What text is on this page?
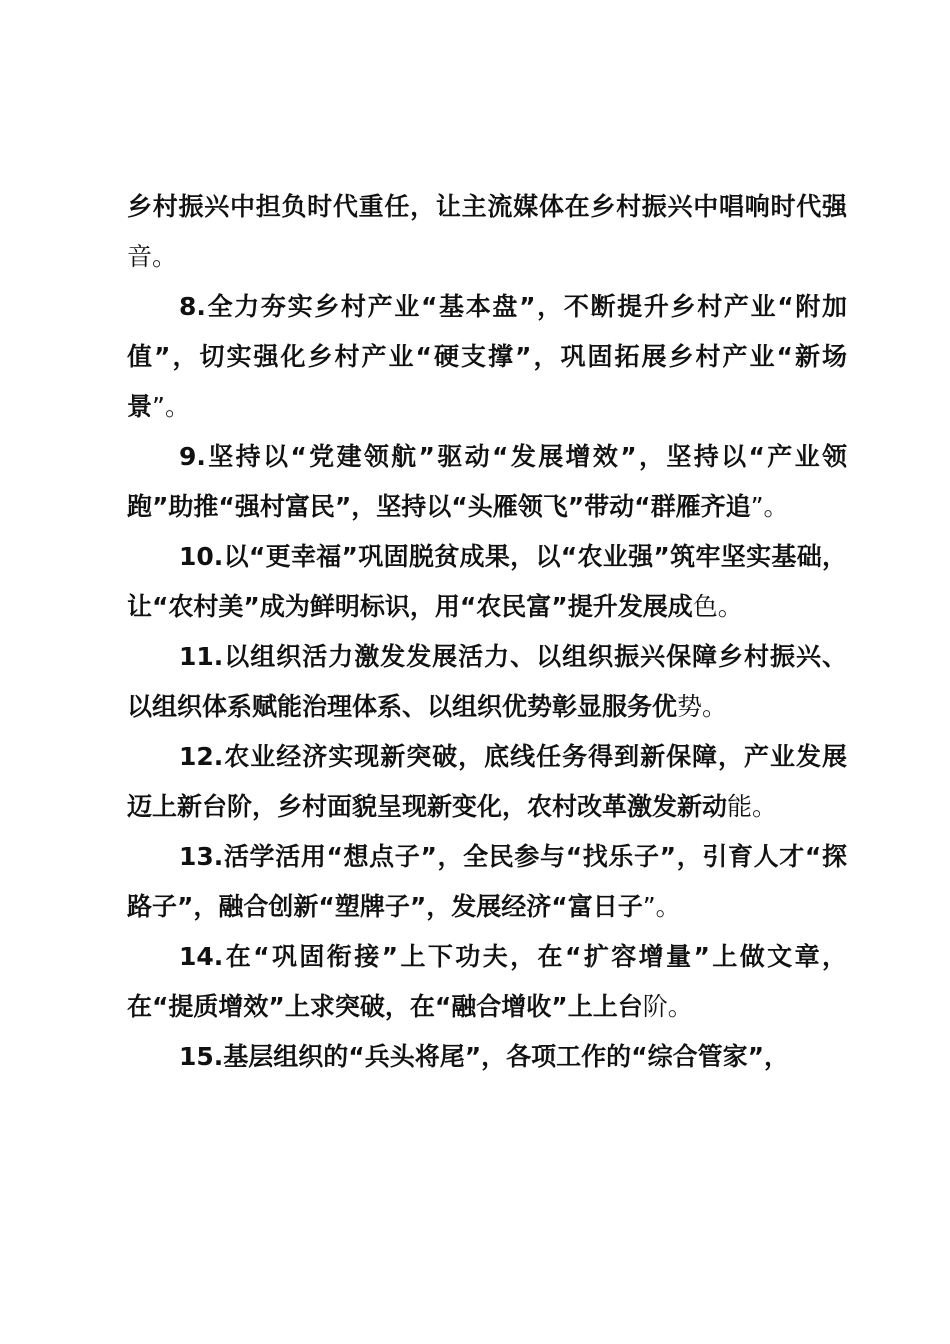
乡村振兴中担负时代重任，让主流媒体在乡村振兴中唱响时代强音。

8.全力夯实乡村产业“基本盘”，不断提升乡村产业“附加值”，切实强化乡村产业“硬支撑”，巩固拓展乡村产业“新场景”。

9.坚持以“党建领航”驱动“发展增效”，坚持以“产业领跑”助推“强村富民”，坚持以“头雁领飞”带动“群雁齐追”。

10.以“更幸福”巩固脱贫成果，以“农业强”筑牢坚实基础，让“农村美”成为鲜明标识，用“农民富”提升发展成色。

11.以组织活力激发发展活力、以组织振兴保障乡村振兴、以组织体系赋能治理体系、以组织优势彰显服务优势。

12.农业经济实现新突破，底线任务得到新保障，产业发展迈上新台阶，乡村面貌呈现新变化，农村改革激发新动能。

13.活学活用“想点子”，全民参与“找乐子”，引育人才“探路子”，融合创新“塑牌子”，发展经济“富日子”。

14.在“巩固衔接”上下功夫，在“扩容增量”上做文章，在“提质增效”上求突破，在“融合增收”上上台阶。

15.基层组织的“兵头将尾”，各项工作的“综合管家”，
